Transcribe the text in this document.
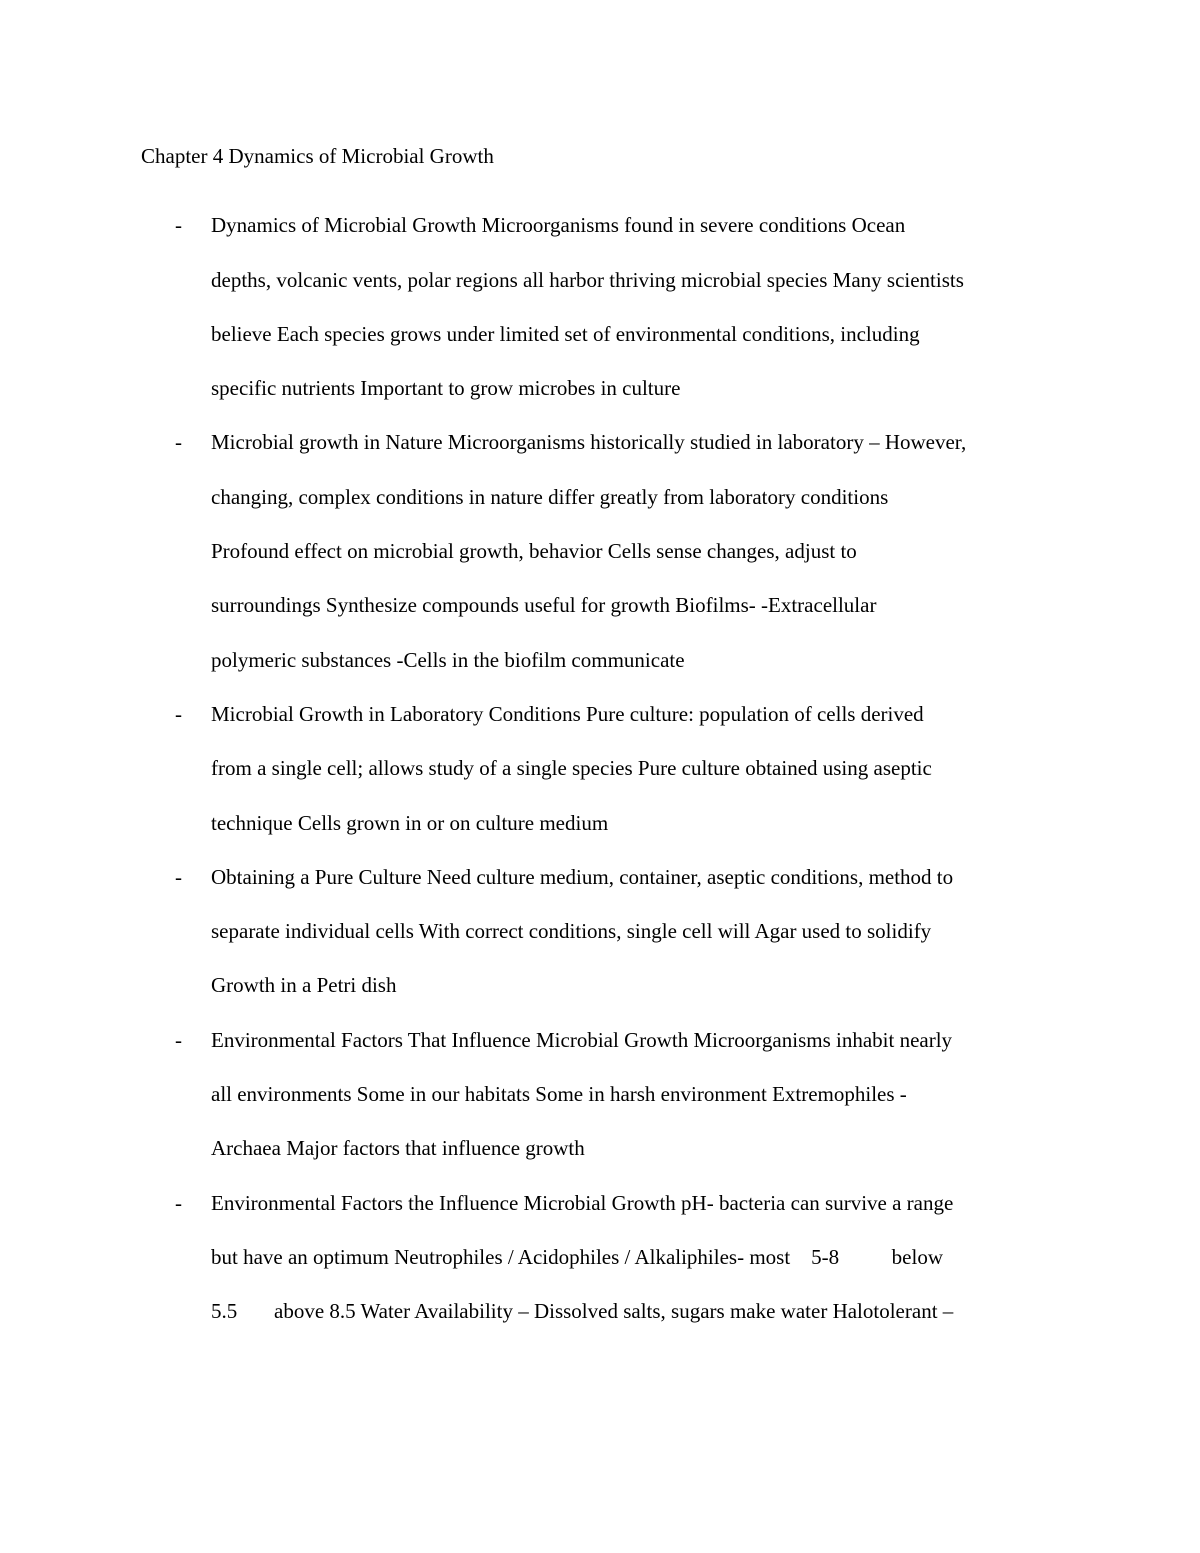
Chapter 4 Dynamics of Microbial Growth
- Dynamics of Microbial Growth Microorganisms found in severe conditions Ocean
depths, volcanic vents, polar regions all harbor thriving microbial species Many scientists
believe Each species grows under limited set of environmental conditions, including
specific nutrients Important to grow microbes in culture
- Microbial growth in Nature Microorganisms historically studied in laboratory – However,
changing, complex conditions in nature differ greatly from laboratory conditions
Profound effect on microbial growth, behavior Cells sense changes, adjust to
surroundings Synthesize compounds useful for growth Biofilms- -Extracellular
polymeric substances -Cells in the biofilm communicate
- Microbial Growth in Laboratory Conditions Pure culture: population of cells derived
from a single cell; allows study of a single species Pure culture obtained using aseptic
technique Cells grown in or on culture medium
- Obtaining a Pure Culture Need culture medium, container, aseptic conditions, method to
separate individual cells With correct conditions, single cell will Agar used to solidify
Growth in a Petri dish
- Environmental Factors That Influence Microbial Growth Microorganisms inhabit nearly
all environments Some in our habitats Some in harsh environment Extremophiles -
Archaea Major factors that influence growth
- Environmental Factors the Influence Microbial Growth pH- bacteria can survive a range
but have an optimum Neutrophiles / Acidophiles / Alkaliphiles- most    5-8          below
5.5       above 8.5 Water Availability – Dissolved salts, sugars make water Halotolerant –
